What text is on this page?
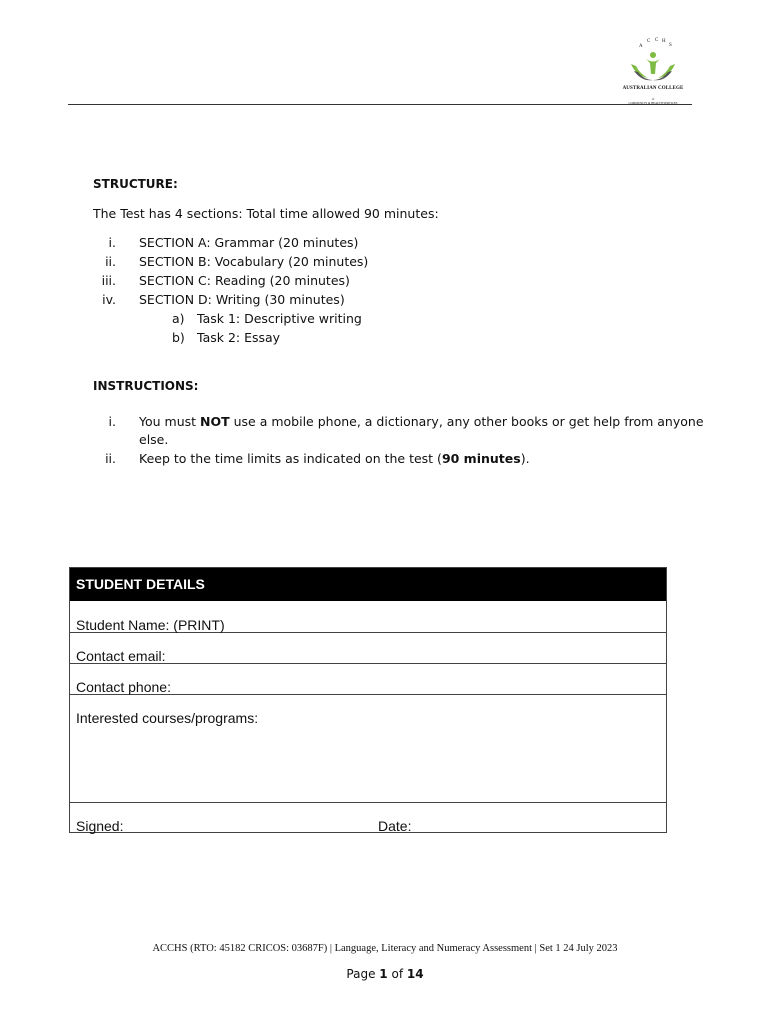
A
C C H
S
AUSTRALIAN COLLEGE
of
COMMUNITY & HEALTH SERVICES
STRUCTURE:
The Test has 4 sections: Total time allowed 90 minutes:
i. SECTION A: Grammar (20 minutes)
ii. SECTION B: Vocabulary (20 minutes)
iii. SECTION C: Reading (20 minutes)
iv. SECTION D: Writing (30 minutes)
a) Task 1: Descriptive writing
b) Task 2: Essay
INSTRUCTIONS:
i. You must NOT use a mobile phone, a dictionary, any other books or get help from anyone
else.
ii. Keep to the time limits as indicated on the test (90 minutes).
STUDENT DETAILS
Student Name: (PRINT)
Contact email:
Contact phone:
Interested courses/programs:
Signed:	Date:
ACCHS (RTO: 45182 CRICOS: 03687F) | Language, Literacy and Numeracy Assessment | Set 1 24 July 2023
Page 1 of 14
